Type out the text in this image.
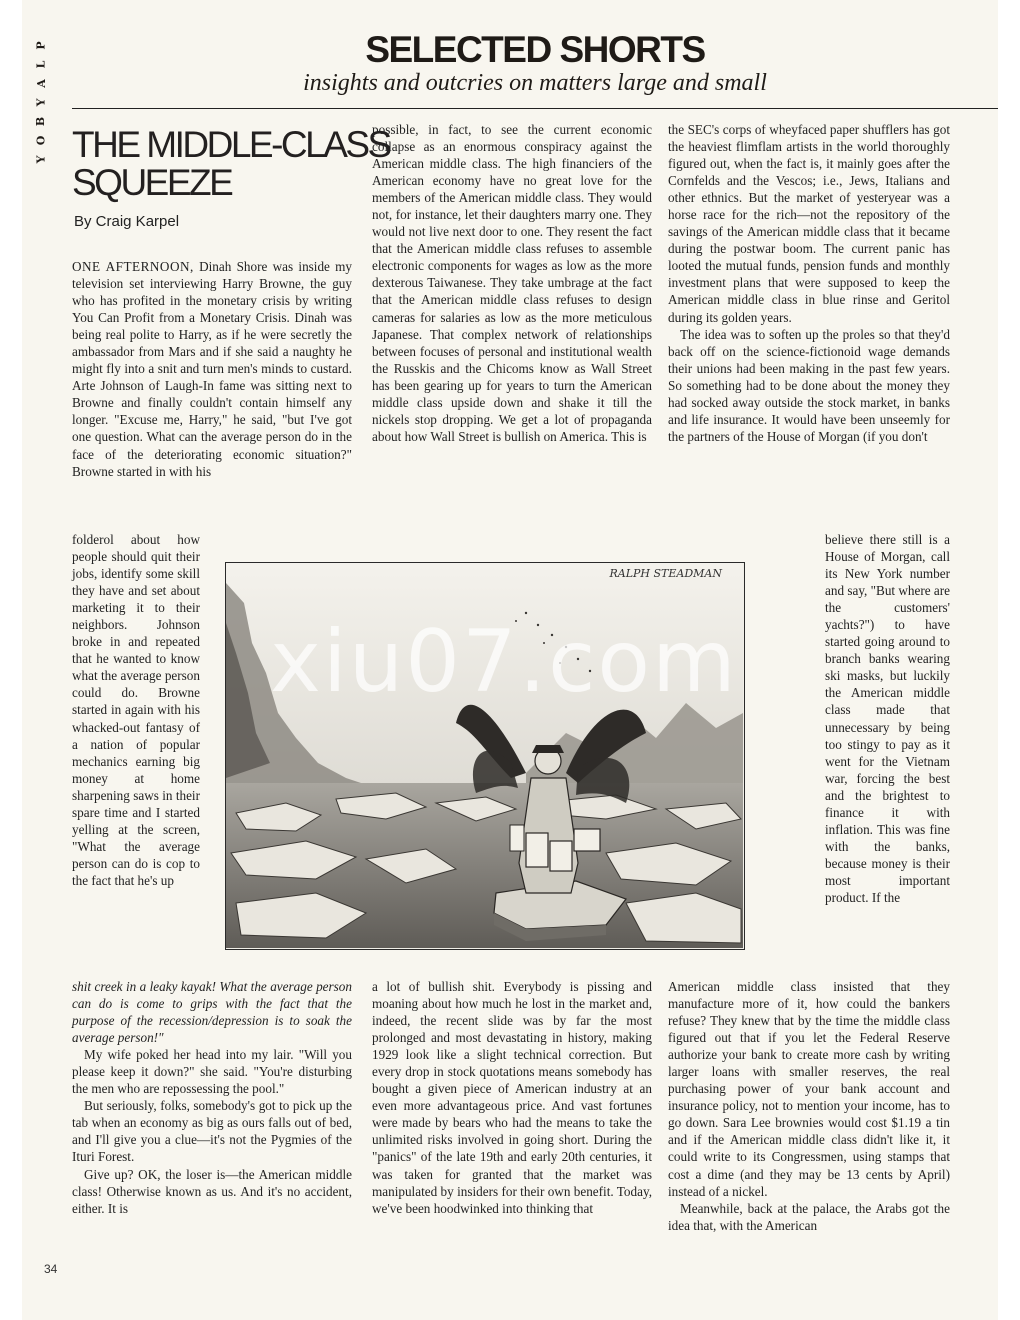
P
L
A
Y
B
O
Y
SELECTED SHORTS
insights and outcries on matters large and small
THE MIDDLE-CLASS
SQUEEZE
By Craig Karpel

ONE AFTERNOON, Dinah Shore was inside my television set interviewing Harry Browne, the guy who has profited in the monetary crisis by writing You Can Profit from a Monetary Crisis. Dinah was being real polite to Harry, as if he were secretly the ambassador from Mars and if she said a naughty he might fly into a snit and turn men's minds to custard. Arte Johnson of Laugh-In fame was sitting next to Browne and finally couldn't contain himself any longer. "Excuse me, Harry," he said, "but I've got one question. What can the average person do in the face of the deteriorating economic situation?" Browne started in with his

folderol about how people should quit their jobs, identify some skill they have and set about marketing it to their neighbors. Johnson broke in and repeated that he wanted to know what the average person could do. Browne started in again with his whacked-out fantasy of a nation of popular mechanics earning big money at home sharpening saws in their spare time and I started yelling at the screen, "What the average person can do is cop to the fact that he's up

shit creek in a leaky kayak! What the average person can do is come to grips with the fact that the purpose of the recession/depression is to soak the average person!"

My wife poked her head into my lair. "Will you please keep it down?" she said. "You're disturbing the men who are repossessing the pool."

But seriously, folks, somebody's got to pick up the tab when an economy as big as ours falls out of bed, and I'll give you a clue—it's not the Pygmies of the Ituri Forest.

Give up? OK, the loser is—the American middle class! Otherwise known as us. And it's no accident, either. It is

possible, in fact, to see the current economic collapse as an enormous conspiracy against the American middle class. The high financiers of the American economy have no great love for the members of the American middle class. They would not, for instance, let their daughters marry one. They would not live next door to one. They resent the fact that the American middle class refuses to assemble electronic components for wages as low as the more dexterous Taiwanese. They take umbrage at the fact that the American middle class refuses to design cameras for salaries as low as the more meticulous Japanese. That complex network of relationships between focuses of personal and institutional wealth the Russkis and the Chicoms know as Wall Street has been gearing up for years to turn the American middle class upside down and shake it till the nickels stop dropping. We get a lot of propaganda about how Wall Street is bullish on America. This is

a lot of bullish shit. Everybody is pissing and moaning about how much he lost in the market and, indeed, the recent slide was by far the most prolonged and most devastating in history, making 1929 look like a slight technical correction. But every drop in stock quotations means somebody has bought a given piece of American industry at an even more advantageous price. And vast fortunes were made by bears who had the means to take the unlimited risks involved in going short. During the "panics" of the late 19th and early 20th centuries, it was taken for granted that the market was manipulated by insiders for their own benefit. Today, we've been hoodwinked into thinking that

the SEC's corps of wheyfaced paper shufflers has got the heaviest flimflam artists in the world thoroughly figured out, when the fact is, it mainly goes after the Cornfelds and the Vescos; i.e., Jews, Italians and other ethnics. But the market of yesteryear was a horse race for the rich—not the repository of the savings of the American middle class that it became during the postwar boom. The current panic has looted the mutual funds, pension funds and monthly investment plans that were supposed to keep the American middle class in blue rinse and Geritol during its golden years.

The idea was to soften up the proles so that they'd back off on the science-fictionoid wage demands their unions had been making in the past few years. So something had to be done about the money they had socked away outside the stock market, in banks and life insurance. It would have been unseemly for the partners of the House of Morgan (if you don't

believe there still is a House of Morgan, call its New York number and say, "But where are the customers' yachts?") to have started going around to branch banks wearing ski masks, but luckily the American middle class made that unnecessary by being too stingy to pay as it went for the Vietnam war, forcing the best and the brightest to finance it with inflation. This was fine with the banks, because money is their most important product. If the

American middle class insisted that they manufacture more of it, how could the bankers refuse? They knew that by the time the middle class figured out that if you let the Federal Reserve authorize your bank to create more cash by writing larger loans with smaller reserves, the real purchasing power of your bank account and insurance policy, not to mention your income, has to go down. Sara Lee brownies would cost $1.19 a tin and if the American middle class didn't like it, it could write to its Congressmen, using stamps that cost a dime (and they may be 13 cents by April) instead of a nickel.

Meanwhile, back at the palace, the Arabs got the idea that, with the American

RALPH STEADMAN
xiu07.com
34
